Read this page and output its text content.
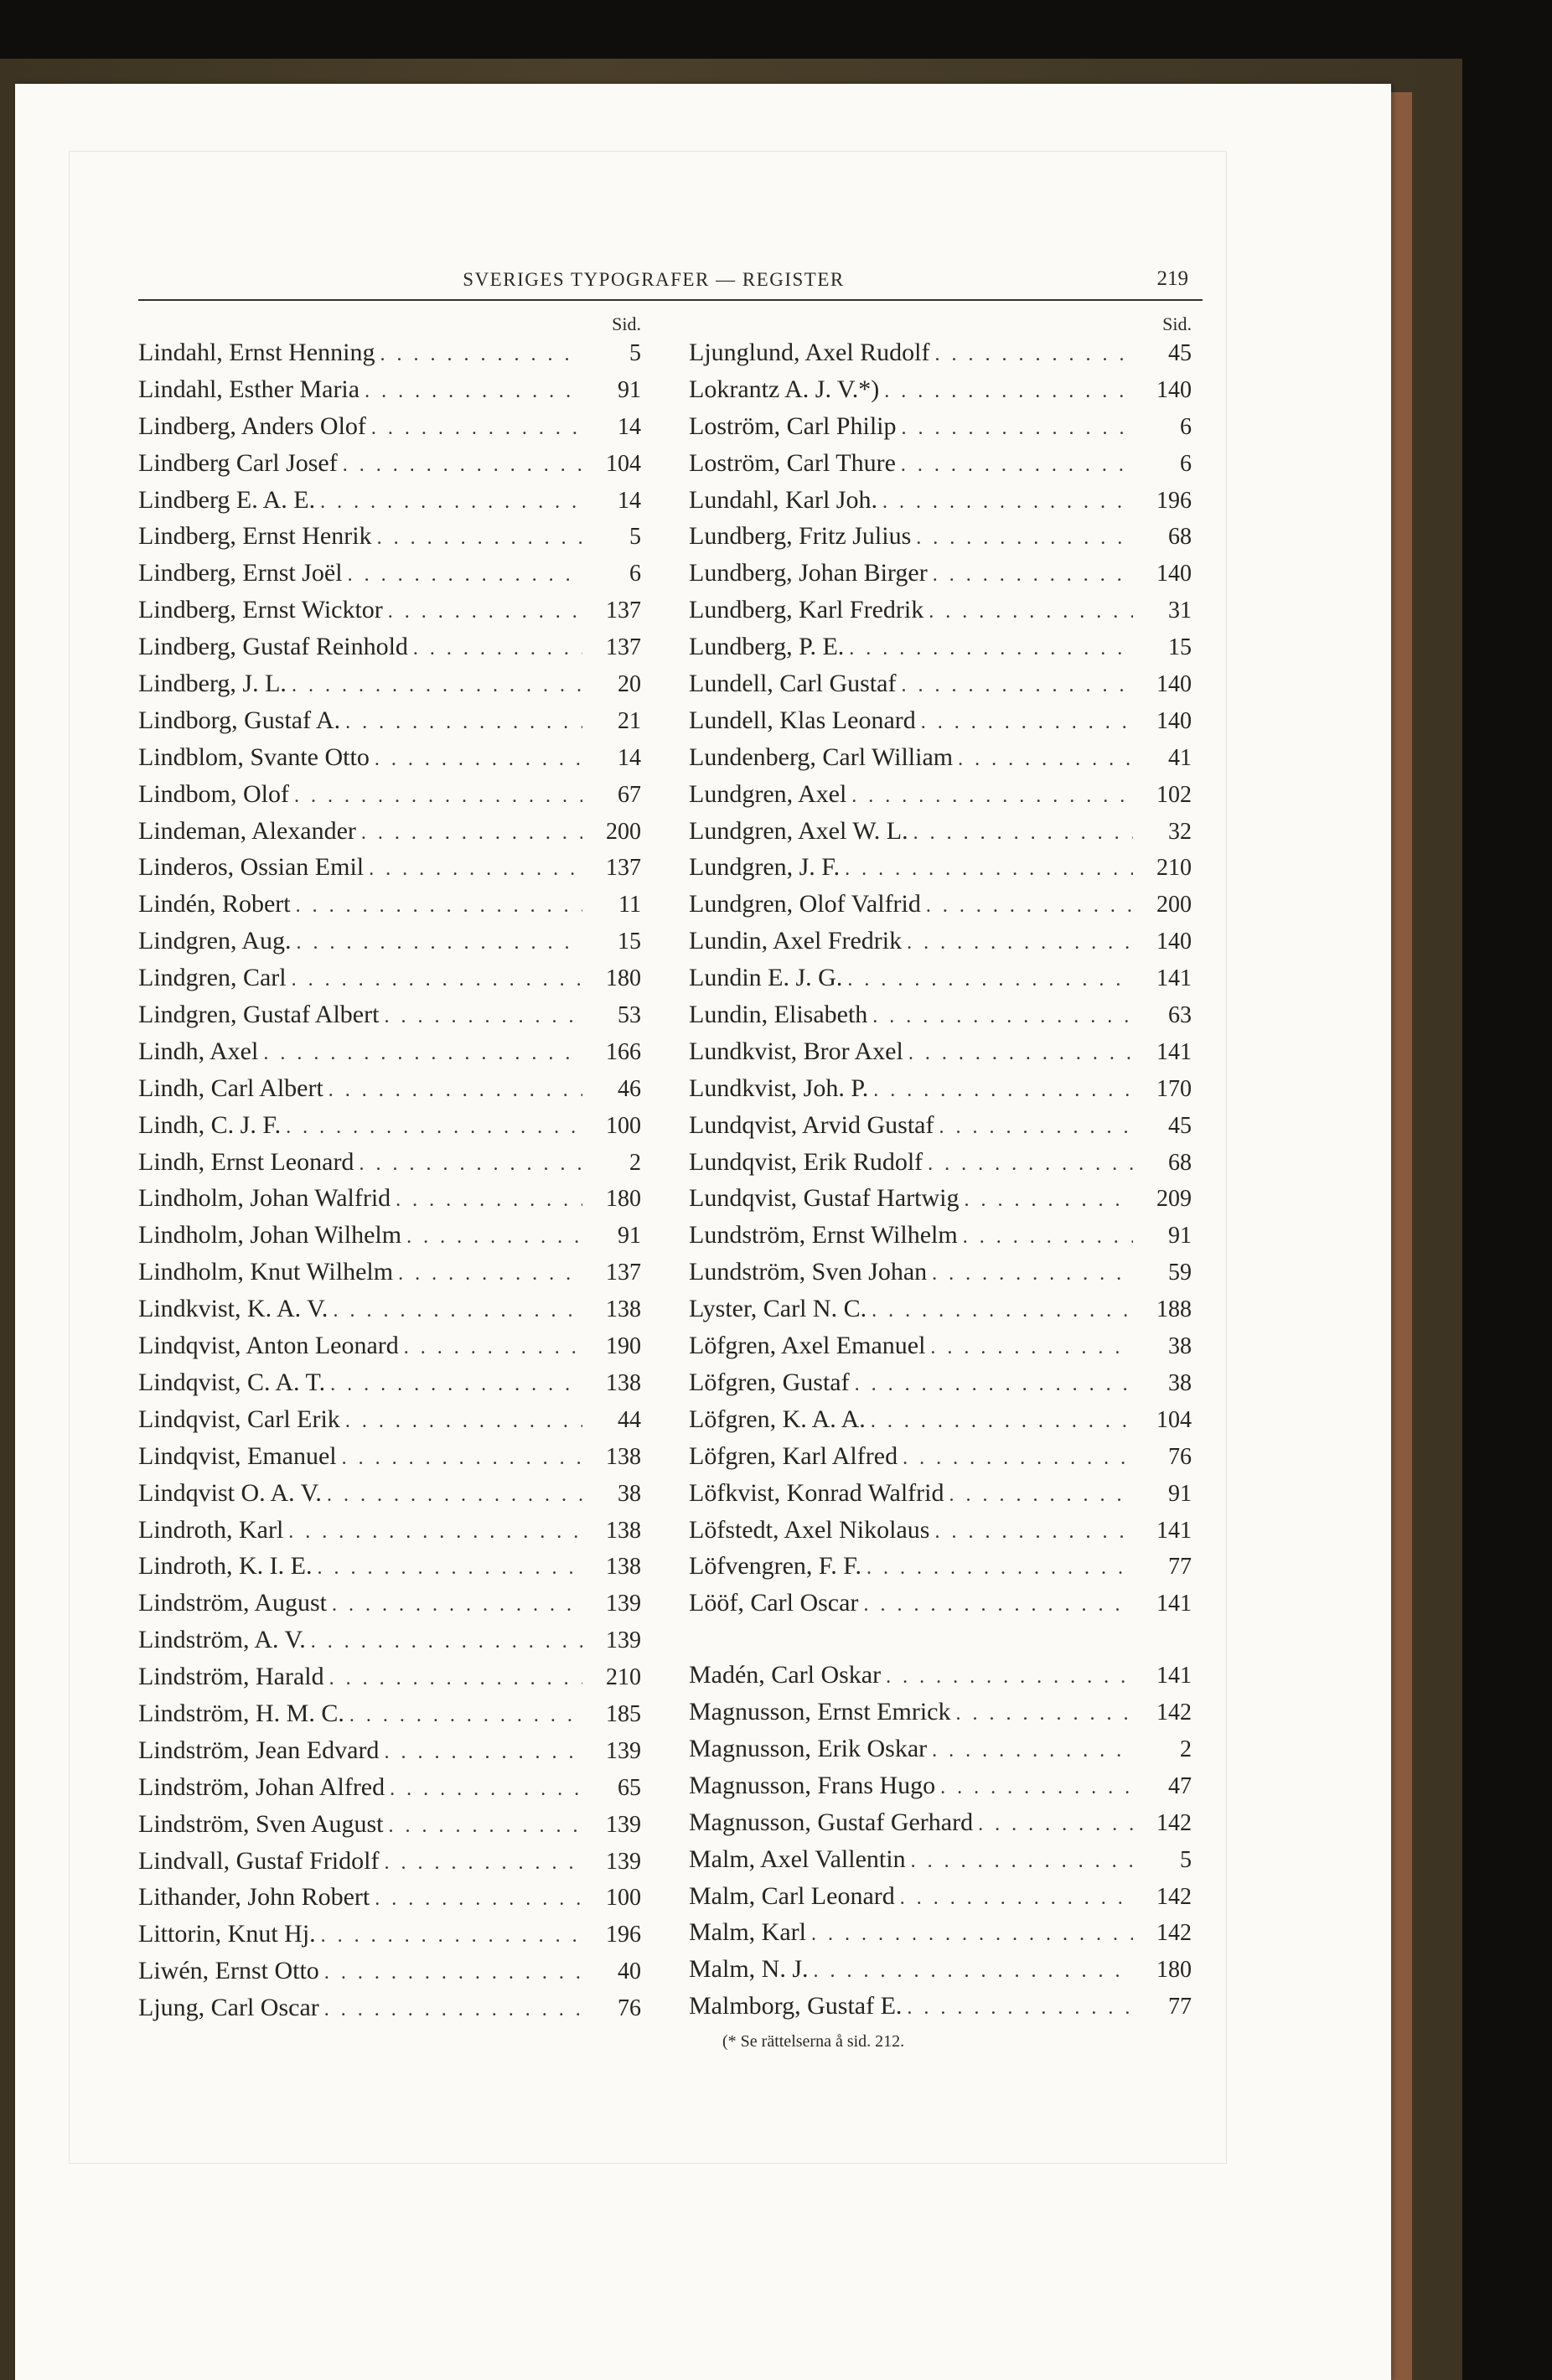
SVERIGES TYPOGRAFER — REGISTER	219
Sid.
Lindahl, Ernst Henning . . .	5
Lindahl, Esther Maria . . .	91
Lindberg, Anders Olof . . .	14
Lindberg Carl Josef . . .	104
Lindberg E. A. E. . . .	14
Lindberg, Ernst Henrik . . .	5
Lindberg, Ernst Joël . . .	6
Lindberg, Ernst Wicktor . . .	137
Lindberg, Gustaf Reinhold . . .	137
Lindberg, J. L. . . .	20
Lindborg, Gustaf A. . . .	21
Lindblom, Svante Otto . . .	14
Lindbom, Olof . . .	67
Lindeman, Alexander . . .	200
Linderos, Ossian Emil . . .	137
Lindén, Robert . . .	11
Lindgren, Aug. . . .	15
Lindgren, Carl . . .	180
Lindgren, Gustaf Albert . . .	53
Lindh, Axel . . .	166
Lindh, Carl Albert . . .	46
Lindh, C. J. F. . . .	100
Lindh, Ernst Leonard . . .	2
Lindholm, Johan Walfrid . . .	180
Lindholm, Johan Wilhelm . . .	91
Lindholm, Knut Wilhelm . . .	137
Lindkvist, K. A. V. . . .	138
Lindqvist, Anton Leonard . . .	190
Lindqvist, C. A. T. . . .	138
Lindqvist, Carl Erik . . .	44
Lindqvist, Emanuel . . .	138
Lindqvist O. A. V. . . .	38
Lindroth, Karl . . .	138
Lindroth, K. I. E. . . .	138
Lindström, August . . .	139
Lindström, A. V. . . .	139
Lindström, Harald . . .	210
Lindström, H. M. C. . . .	185
Lindström, Jean Edvard . . .	139
Lindström, Johan Alfred . . .	65
Lindström, Sven August . . .	139
Lindvall, Gustaf Fridolf . . .	139
Lithander, John Robert . . .	100
Littorin, Knut Hj. . . .	196
Liwén, Ernst Otto . . .	40
Ljung, Carl Oscar . . .	76
Sid.
Ljunglund, Axel Rudolf . . .	45
Lokrantz A. J. V.*) . . .	140
Loström, Carl Philip . . .	6
Loström, Carl Thure . . .	6
Lundahl, Karl Joh. . . .	196
Lundberg, Fritz Julius . . .	68
Lundberg, Johan Birger . . .	140
Lundberg, Karl Fredrik . . .	31
Lundberg, P. E. . . .	15
Lundell, Carl Gustaf . . .	140
Lundell, Klas Leonard . . .	140
Lundenberg, Carl William . . .	41
Lundgren, Axel . . .	102
Lundgren, Axel W. L. . . .	32
Lundgren, J. F. . . .	210
Lundgren, Olof Valfrid . . .	200
Lundin, Axel Fredrik . . .	140
Lundin E. J. G. . . .	141
Lundin, Elisabeth . . .	63
Lundkvist, Bror Axel . . .	141
Lundkvist, Joh. P. . . .	170
Lundqvist, Arvid Gustaf . . .	45
Lundqvist, Erik Rudolf . . .	68
Lundqvist, Gustaf Hartwig . . .	209
Lundström, Ernst Wilhelm . . .	91
Lundström, Sven Johan . . .	59
Lyster, Carl N. C. . . .	188
Löfgren, Axel Emanuel . . .	38
Löfgren, Gustaf . . .	38
Löfgren, K. A. A. . . .	104
Löfgren, Karl Alfred . . .	76
Löfkvist, Konrad Walfrid . . .	91
Löfstedt, Axel Nikolaus . . .	141
Löfvengren, F. F. . . .	77
Lööf, Carl Oscar . . .	141
Madén, Carl Oskar . . .	141
Magnusson, Ernst Emrick . . .	142
Magnusson, Erik Oskar . . .	2
Magnusson, Frans Hugo . . .	47
Magnusson, Gustaf Gerhard . . .	142
Malm, Axel Vallentin . . .	5
Malm, Carl Leonard . . .	142
Malm, Karl . . .	142
Malm, N. J. . . .	180
Malmborg, Gustaf E. . . .	77
(* Se rättelserna å sid. 212.
